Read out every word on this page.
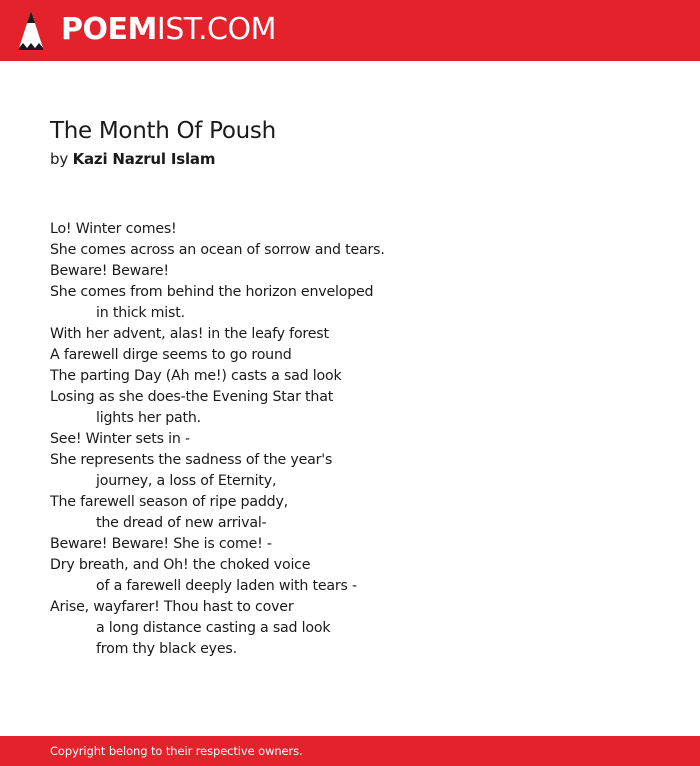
POEM IST.COM
The Month Of Poush
by Kazi Nazrul Islam
Lo! Winter comes!
She comes across an ocean of sorrow and tears.
Beware! Beware!
She comes from behind the horizon enveloped
in thick mist.
With her advent, alas! in the leafy forest
A farewell dirge seems to go round
The parting Day (Ah me!) casts a sad look
Losing as she does-the Evening Star that
lights her path.
See! Winter sets in -
She represents the sadness of the year's
journey, a loss of Eternity,
The farewell season of ripe paddy,
the dread of new arrival-
Beware! Beware! She is come! -
Dry breath, and Oh! the choked voice
of a farewell deeply laden with tears -
Arise, wayfarer! Thou hast to cover
a long distance casting a sad look
from thy black eyes.
Copyright belong to their respective owners.
